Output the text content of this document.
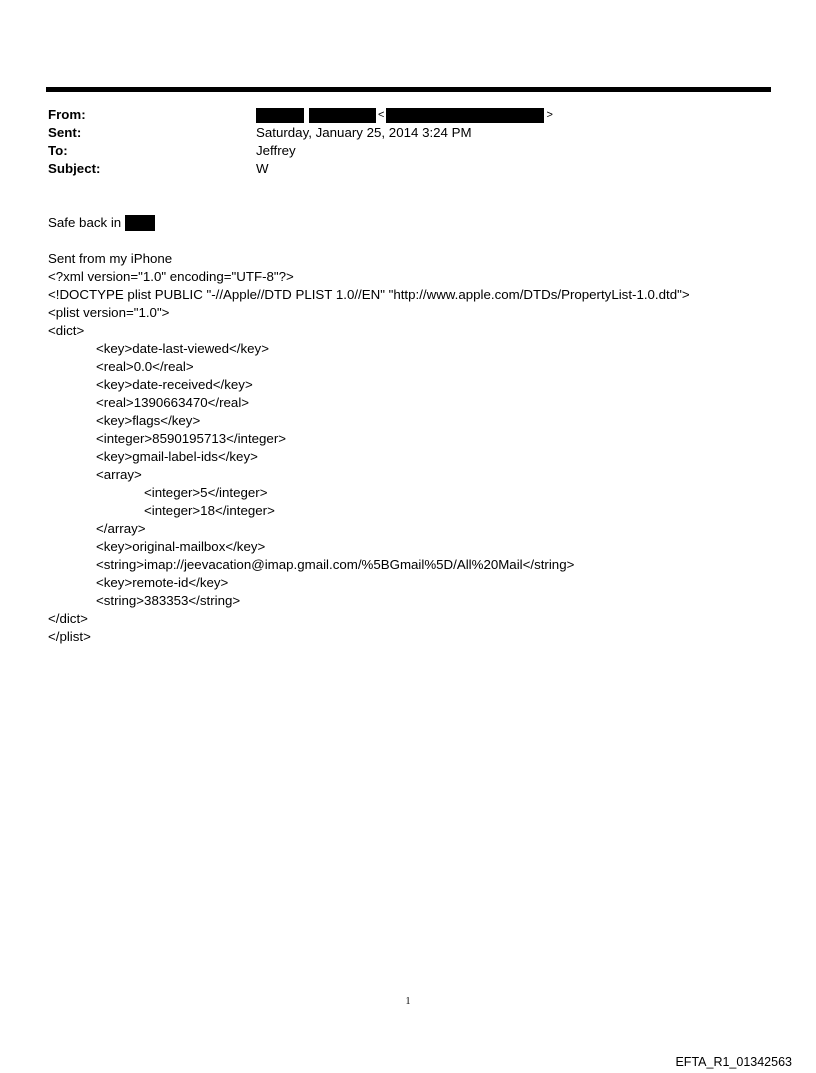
From:	<	>
Sent:	Saturday, January 25, 2014 3:24 PM
To:	Jeffrey
Subject:	W
Safe back in
Sent from my iPhone
<?xml version="1.0" encoding="UTF-8"?>
<!DOCTYPE plist PUBLIC "-//Apple//DTD PLIST 1.0//EN" "http://www.apple.com/DTDs/PropertyList-1.0.dtd">
<plist version="1.0">
<dict>
<key>date-last-viewed</key>
<real>0.0</real>
<key>date-received</key>
<real>1390663470</real>
<key>flags</key>
<integer>8590195713</integer>
<key>gmail-label-ids</key>
<array>
<integer>5</integer>
<integer>18</integer>
</array>
<key>original-mailbox</key>
<string>imap://jeevacation@imap.gmail.com/%5BGmail%5D/All%20Mail</string>
<key>remote-id</key>
<string>383353</string>
</dict>
</plist>
1
EFTA_R1_01342563
